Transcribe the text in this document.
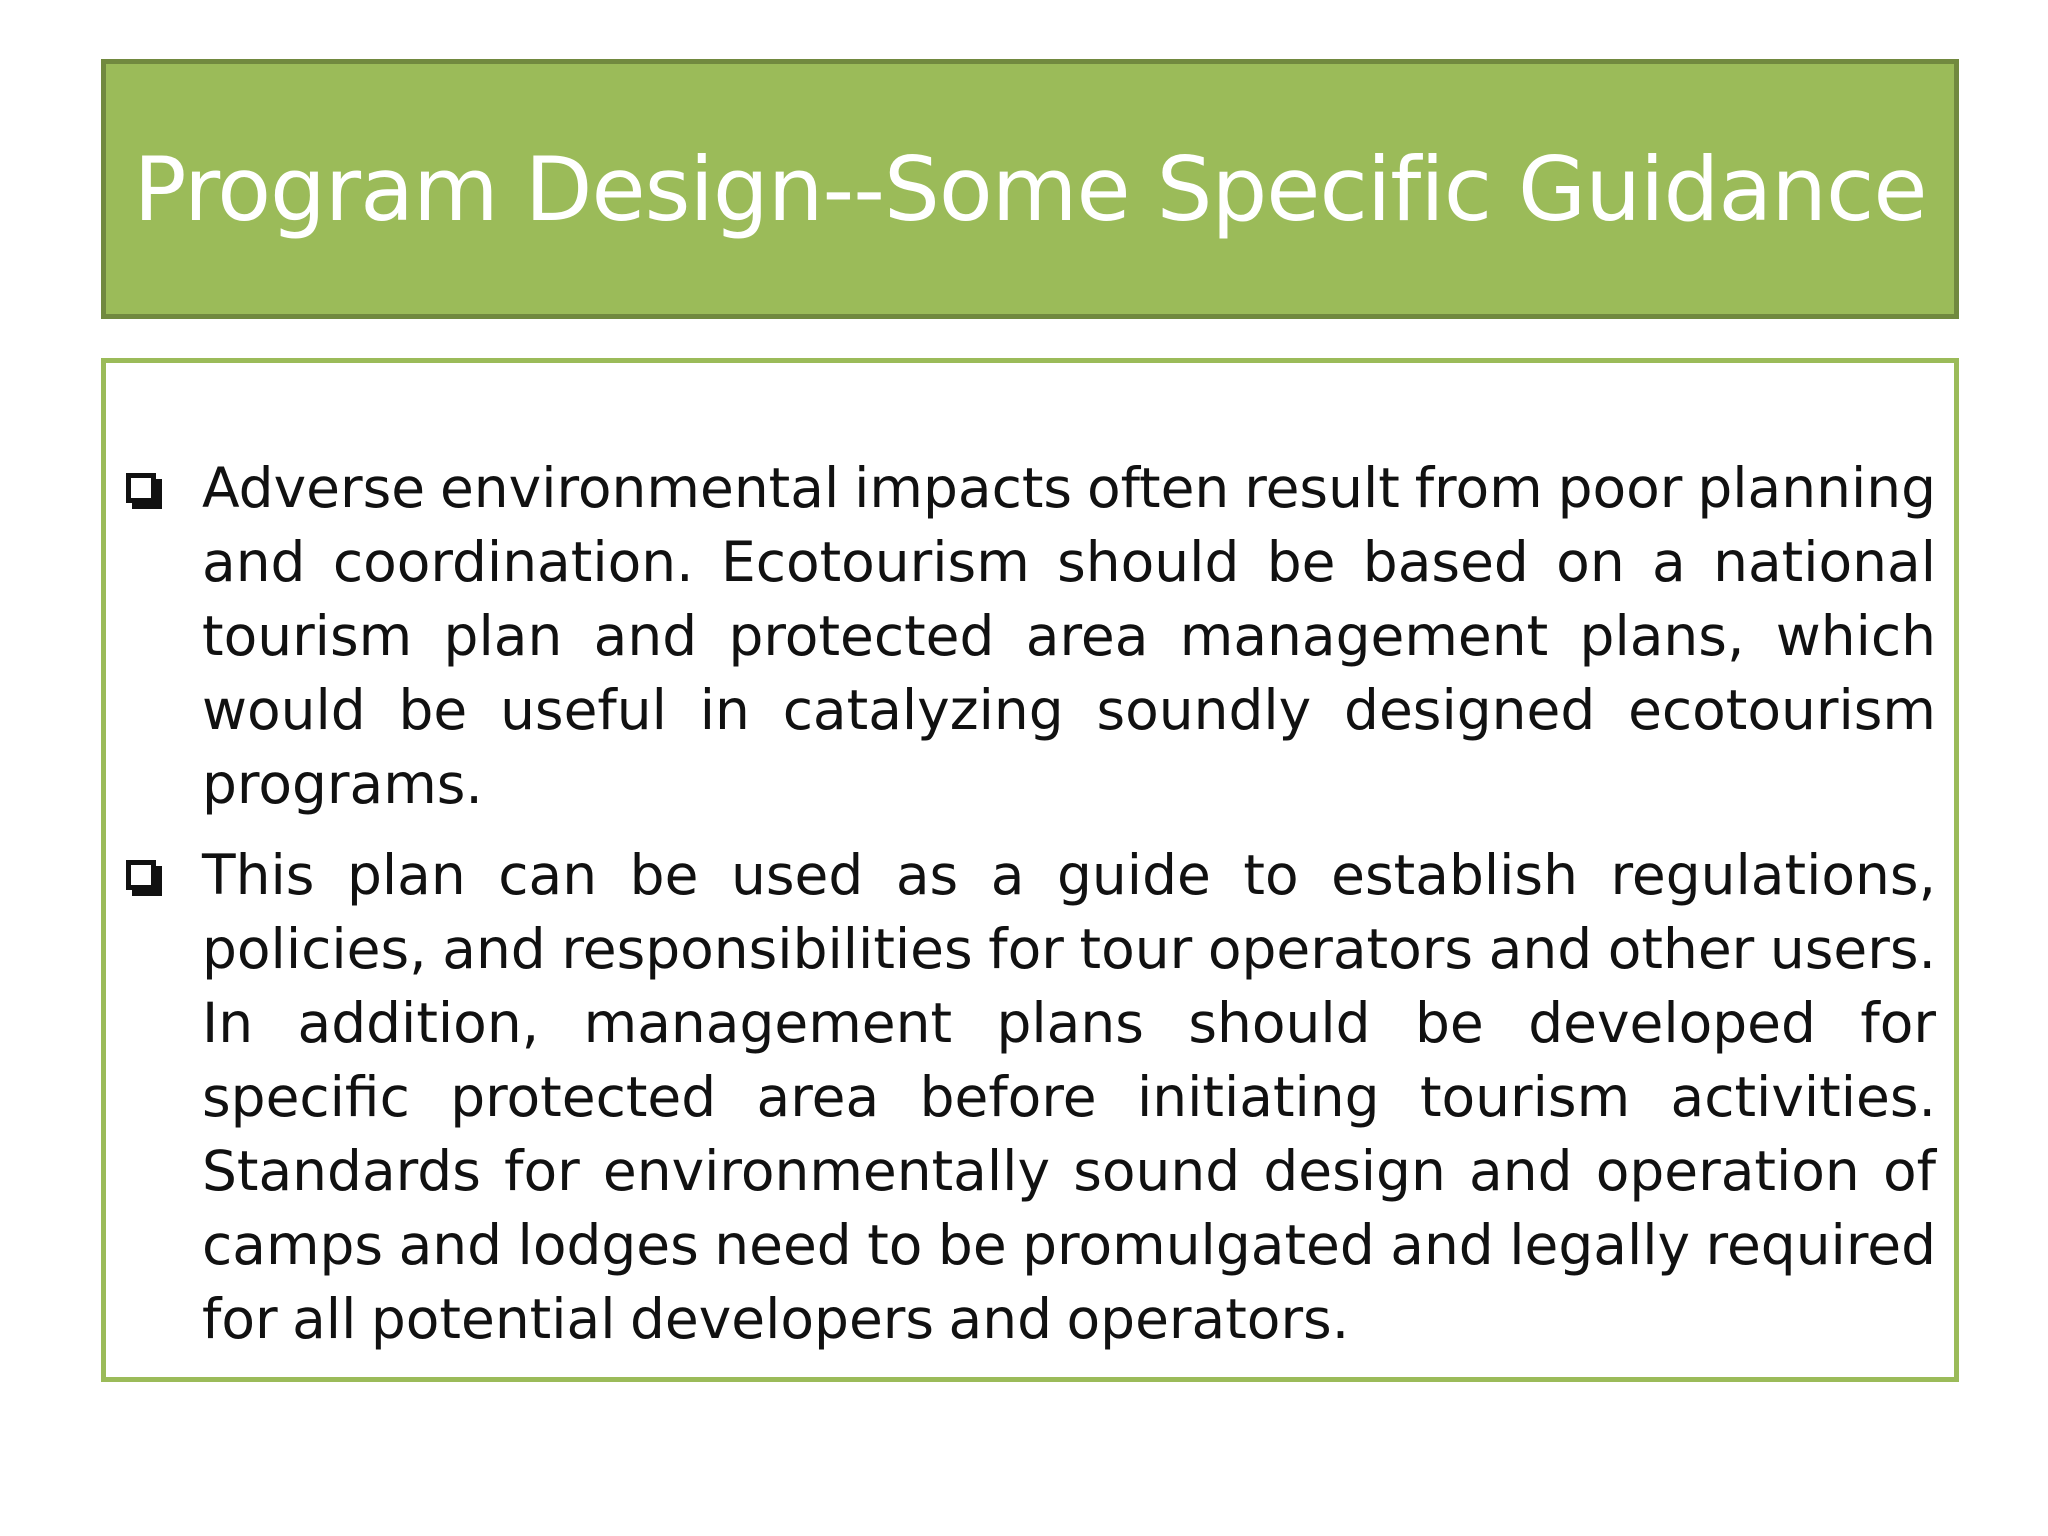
Program Design--Some Specific Guidance
Adverse environmental impacts often result from poor planning and coordination. Ecotourism should be based on a national tourism plan and protected area management plans, which would be useful in catalyzing soundly designed ecotourism programs.
This plan can be used as a guide to establish regulations, policies, and responsibilities for tour operators and other users. In addition, management plans should be developed for specific protected area before initiating tourism activities. Standards for environmentally sound design and operation of camps and lodges need to be promulgated and legally required for all potential developers and operators.
